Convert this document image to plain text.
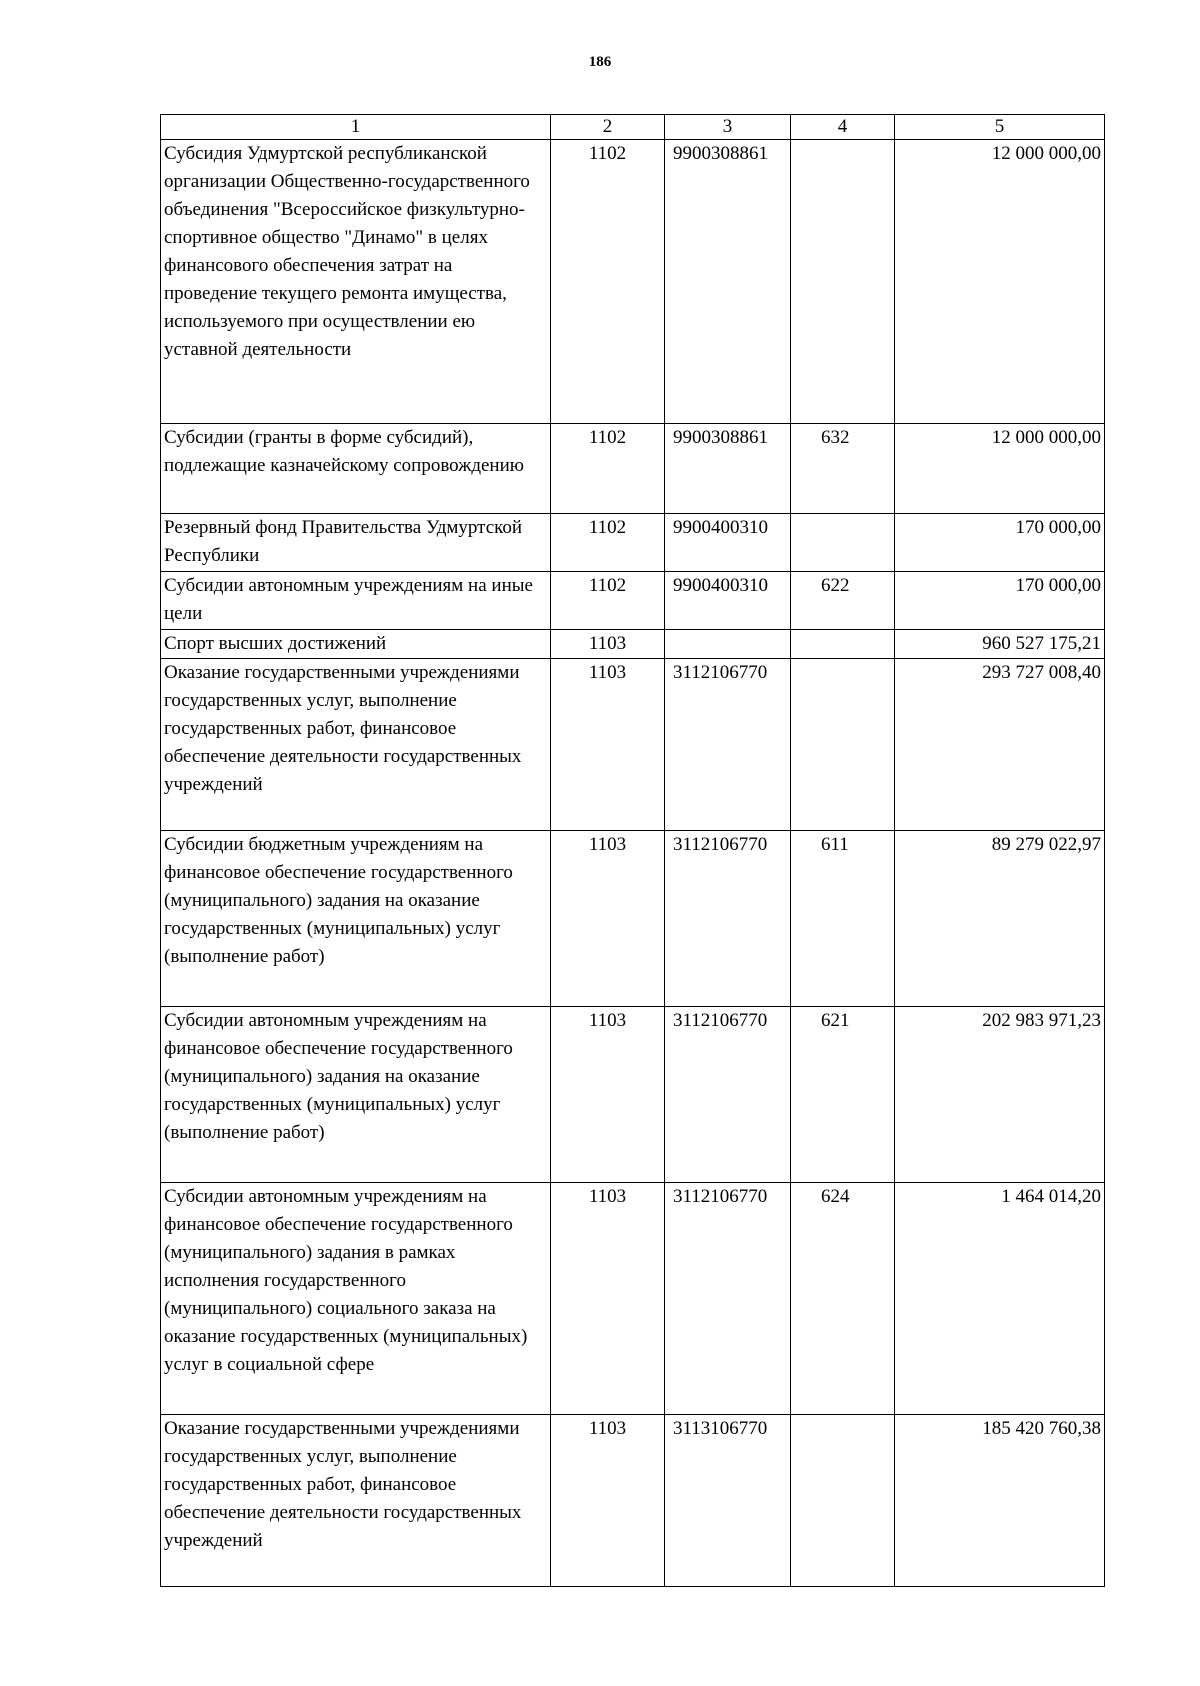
186
1	2	3	4	5
Субсидия Удмуртской республиканской организации Общественно-государственного объединения "Всероссийское физкультурно-спортивное общество "Динамо" в целях финансового обеспечения затрат на проведение текущего ремонта имущества, используемого при осуществлении ею уставной деятельности	1102	9900308861		12 000 000,00
Субсидии (гранты в форме субсидий), подлежащие казначейскому сопровождению	1102	9900308861	632	12 000 000,00
Резервный фонд Правительства Удмуртской Республики	1102	9900400310		170 000,00
Субсидии автономным учреждениям на иные цели	1102	9900400310	622	170 000,00
Спорт высших достижений	1103			960 527 175,21
Оказание государственными учреждениями государственных услуг, выполнение государственных работ, финансовое обеспечение деятельности государственных учреждений	1103	3112106770		293 727 008,40
Субсидии бюджетным учреждениям на финансовое обеспечение государственного (муниципального) задания на оказание государственных (муниципальных) услуг (выполнение работ)	1103	3112106770	611	89 279 022,97
Субсидии автономным учреждениям на финансовое обеспечение государственного (муниципального) задания на оказание государственных (муниципальных) услуг (выполнение работ)	1103	3112106770	621	202 983 971,23
Субсидии автономным учреждениям на финансовое обеспечение государственного (муниципального) задания в рамках исполнения государственного (муниципального) социального заказа на оказание государственных (муниципальных) услуг в социальной сфере	1103	3112106770	624	1 464 014,20
Оказание государственными учреждениями государственных услуг, выполнение государственных работ, финансовое обеспечение деятельности государственных учреждений	1103	3113106770		185 420 760,38
